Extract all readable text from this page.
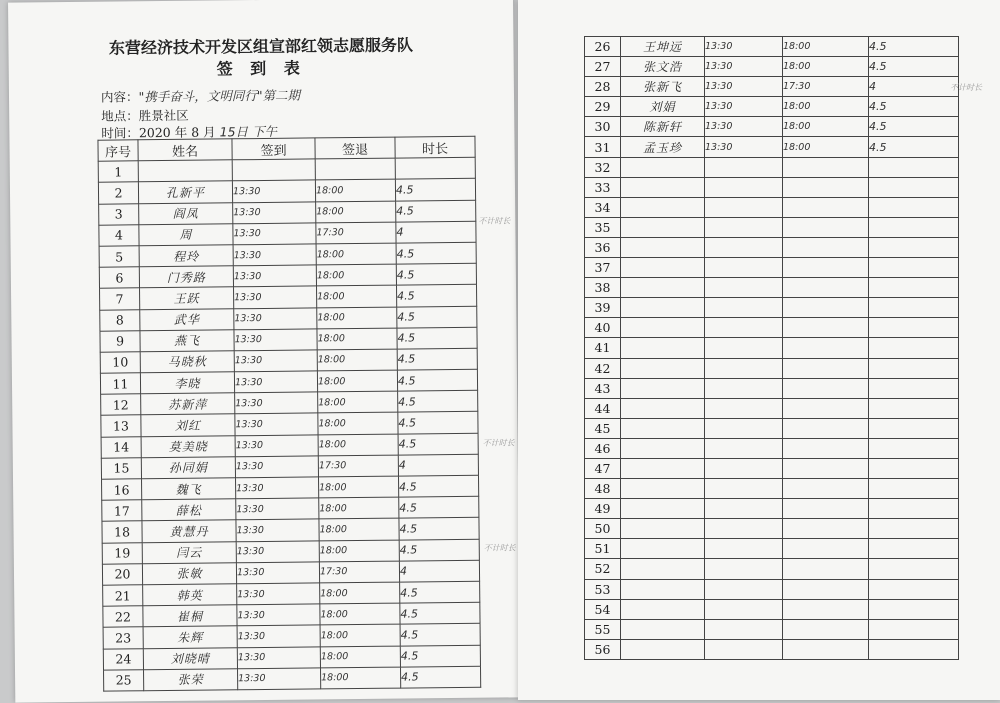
东营经济技术开发区组宣部红领志愿服务队
签 到 表
内容："携手奋斗，文明同行"第二期
地点：胜景社区
时间：2020 年 8 月 15日 下午
序号	姓名	签到	签退	时长
1				
2	孔新平	13:30	18:00	4.5
3	阎凤	13:30	18:00	4.5
4	周	13:30	17:30	4
5	程玲	13:30	18:00	4.5
6	门秀路	13:30	18:00	4.5
7	王跃	13:30	18:00	4.5
8	武华	13:30	18:00	4.5
9	燕飞	13:30	18:00	4.5
10	马晓秋	13:30	18:00	4.5
11	李晓	13:30	18:00	4.5
12	苏新萍	13:30	18:00	4.5
13	刘红	13:30	18:00	4.5
14	莫美晓	13:30	18:00	4.5
15	孙同娟	13:30	17:30	4
16	魏飞	13:30	18:00	4.5
17	薛松	13:30	18:00	4.5
18	黄慧丹	13:30	18:00	4.5
19	闫云	13:30	18:00	4.5
20	张敏	13:30	17:30	4
21	韩英	13:30	18:00	4.5
22	崔桐	13:30	18:00	4.5
23	朱辉	13:30	18:00	4.5
24	刘晓晴	13:30	18:00	4.5
25	张荣	13:30	18:00	4.5
不计时长
不计时长
不计时长
26	王坤远	13:30	18:00	4.5
27	张文浩	13:30	18:00	4.5
28	张新飞	13:30	17:30	4
29	刘娟	13:30	18:00	4.5
30	陈新轩	13:30	18:00	4.5
31	孟玉珍	13:30	18:00	4.5
32				
33				
34				
35				
36				
37				
38				
39				
40				
41				
42				
43				
44				
45				
46				
47				
48				
49				
50				
51				
52				
53				
54				
55				
56				
不计时长
